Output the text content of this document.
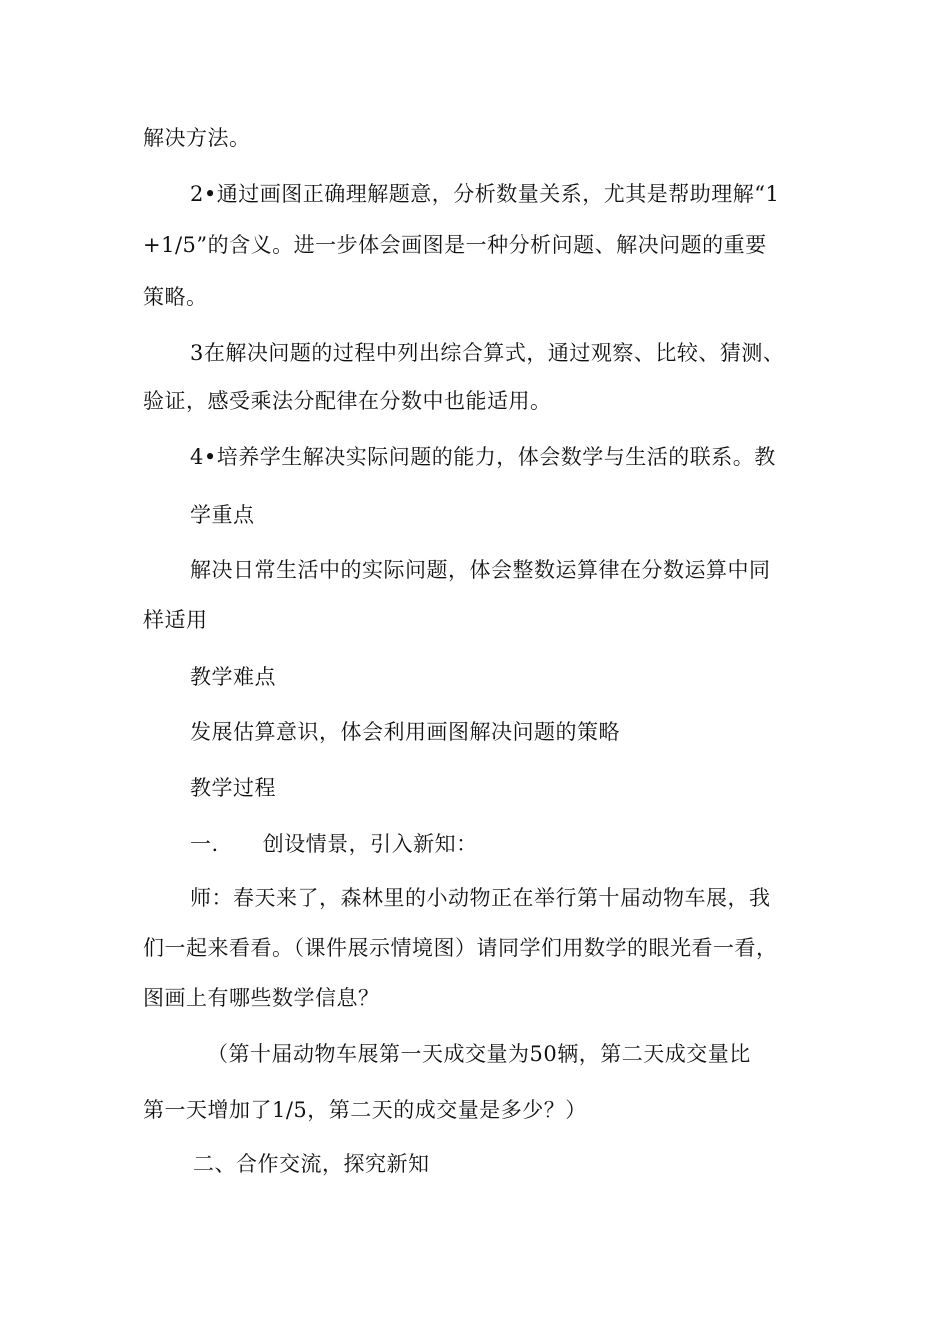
解决方法。
2•通过画图正确理解题意，分析数量关系，尤其是帮助理解“1
+1/5”的含义。进一步体会画图是一种分析问题、解决问题的重要
策略。
3在解决问题的过程中列出综合算式，通过观察、比较、猜测、
验证，感受乘法分配律在分数中也能适用。
4•培养学生解决实际问题的能力，体会数学与生活的联系。教
学重点
解决日常生活中的实际问题，体会整数运算律在分数运算中同
样适用
教学难点
发展估算意识，体会利用画图解决问题的策略
教学过程
一. 创设情景，引入新知：
师：春天来了，森林里的小动物正在举行第十届动物车展，我
们一起来看看。（课件展示情境图）请同学们用数学的眼光看一看，
图画上有哪些数学信息？
（第十届动物车展第一天成交量为50辆，第二天成交量比
第一天增加了1/5，第二天的成交量是多少？）
二、合作交流，探究新知
